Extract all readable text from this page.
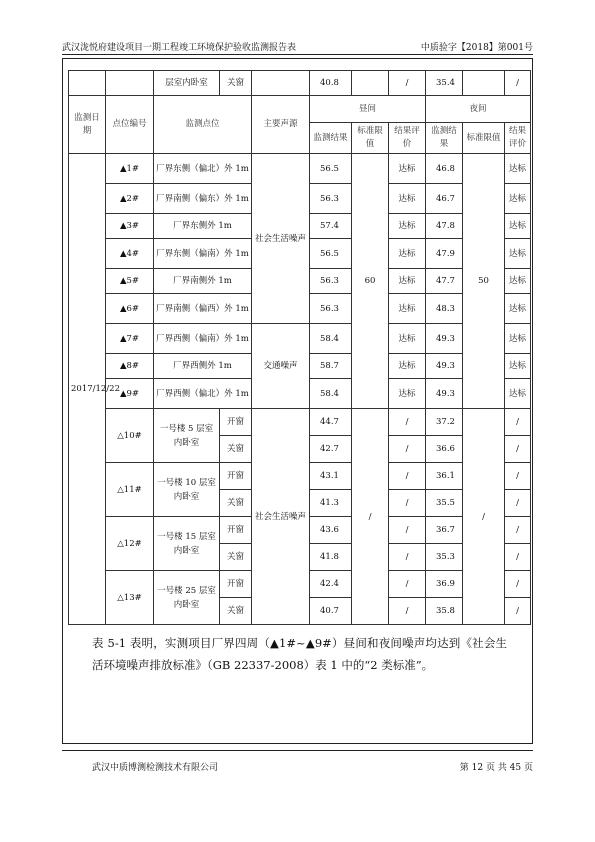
武汉泷悦府建设项目一期工程竣工环境保护验收监测报告表	中质验字【2018】第001号
		层室内卧室	关窗		40.8		/	35.4		/
监测日期	点位编号	监测点位		主要声源	昼间			夜间		
					监测结果	标准限值	结果评价	监测结果	标准限值	结果评价
2017/12/22	▲1#	厂界东侧（偏北）外 1m		社会生活噪声	56.5	60	达标	46.8	50	达标
	▲2#	厂界南侧（偏东）外 1m			56.3		达标	46.7		达标
	▲3#	厂界东侧外 1m			57.4		达标	47.8		达标
	▲4#	厂界东侧（偏南）外 1m			56.5		达标	47.9		达标
	▲5#	厂界南侧外 1m			56.3		达标	47.7		达标
	▲6#	厂界南侧（偏西）外 1m			56.3		达标	48.3		达标
	▲7#	厂界西侧（偏南）外 1m		交通噪声	58.4		达标	49.3		达标
	▲8#	厂界西侧外 1m			58.7		达标	49.3		达标
	▲9#	厂界西侧（偏北）外 1m			58.4		达标	49.3		达标
	△10#	一号楼 5 层室内卧室	开窗	社会生活噪声	44.7	/	/	37.2	/	/
			关窗		42.7		/	36.6		/
	△11#	一号楼 10 层室内卧室	开窗		43.1		/	36.1		/
			关窗		41.3		/	35.5		/
	△12#	一号楼 15 层室内卧室	开窗		43.6		/	36.7		/
			关窗		41.8		/	35.3		/
	△13#	一号楼 25 层室内卧室	开窗		42.4		/	36.9		/
			关窗		40.7		/	35.8		/
表 5-1 表明，实测项目厂界四周（▲1#~▲9#）昼间和夜间噪声均达到《社会生活环境噪声排放标准》（GB 22337-2008）表 1 中的“2 类标准”。
武汉中质博测检测技术有限公司	第 12 页 共 45 页
